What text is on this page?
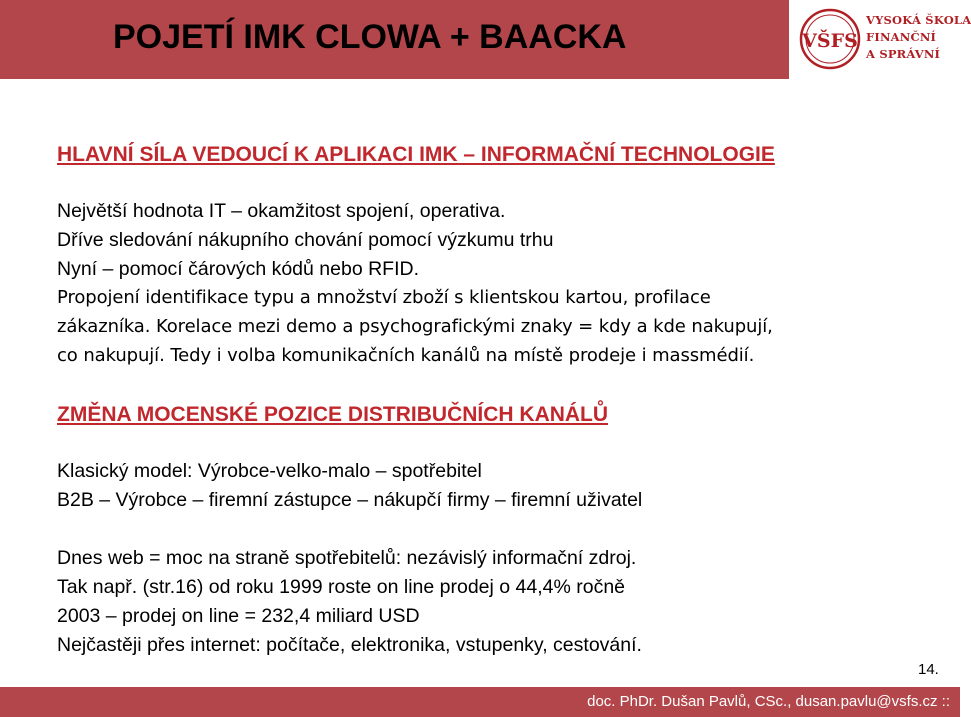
POJETÍ IMK CLOWA + BAACKA	VŠFS
VYSOKÁ ŠKOLA
FINANČNÍ
A SPRÁVNÍ
HLAVNÍ SÍLA VEDOUCÍ K APLIKACI IMK – INFORMAČNÍ TECHNOLOGIE

Největší hodnota IT – okamžitost spojení, operativa.

Dříve sledování nákupního chování pomocí výzkumu trhu

Nyní – pomocí čárových kódů nebo RFID.

Propojení identifikace typu a množství zboží s klientskou kartou, profilace

zákazníka. Korelace mezi demo a psychografickými znaky = kdy a kde nakupují,

co nakupují. Tedy i volba komunikačních kanálů na místě prodeje i massmédií.

ZMĚNA MOCENSKÉ POZICE DISTRIBUČNÍCH KANÁLŮ

Klasický model: Výrobce-velko-malo – spotřebitel

B2B – Výrobce – firemní zástupce – nákupčí firmy – firemní uživatel

Dnes web = moc na straně spotřebitelů: nezávislý informační zdroj.

Tak např. (str.16) od roku 1999 roste on line prodej o 44,4% ročně

2003 – prodej on line = 232,4 miliard USD

Nejčastěji přes internet: počítače, elektronika, vstupenky, cestování.

14.
doc. PhDr. Dušan Pavlů, CSc., dusan.pavlu@vsfs.cz ::
